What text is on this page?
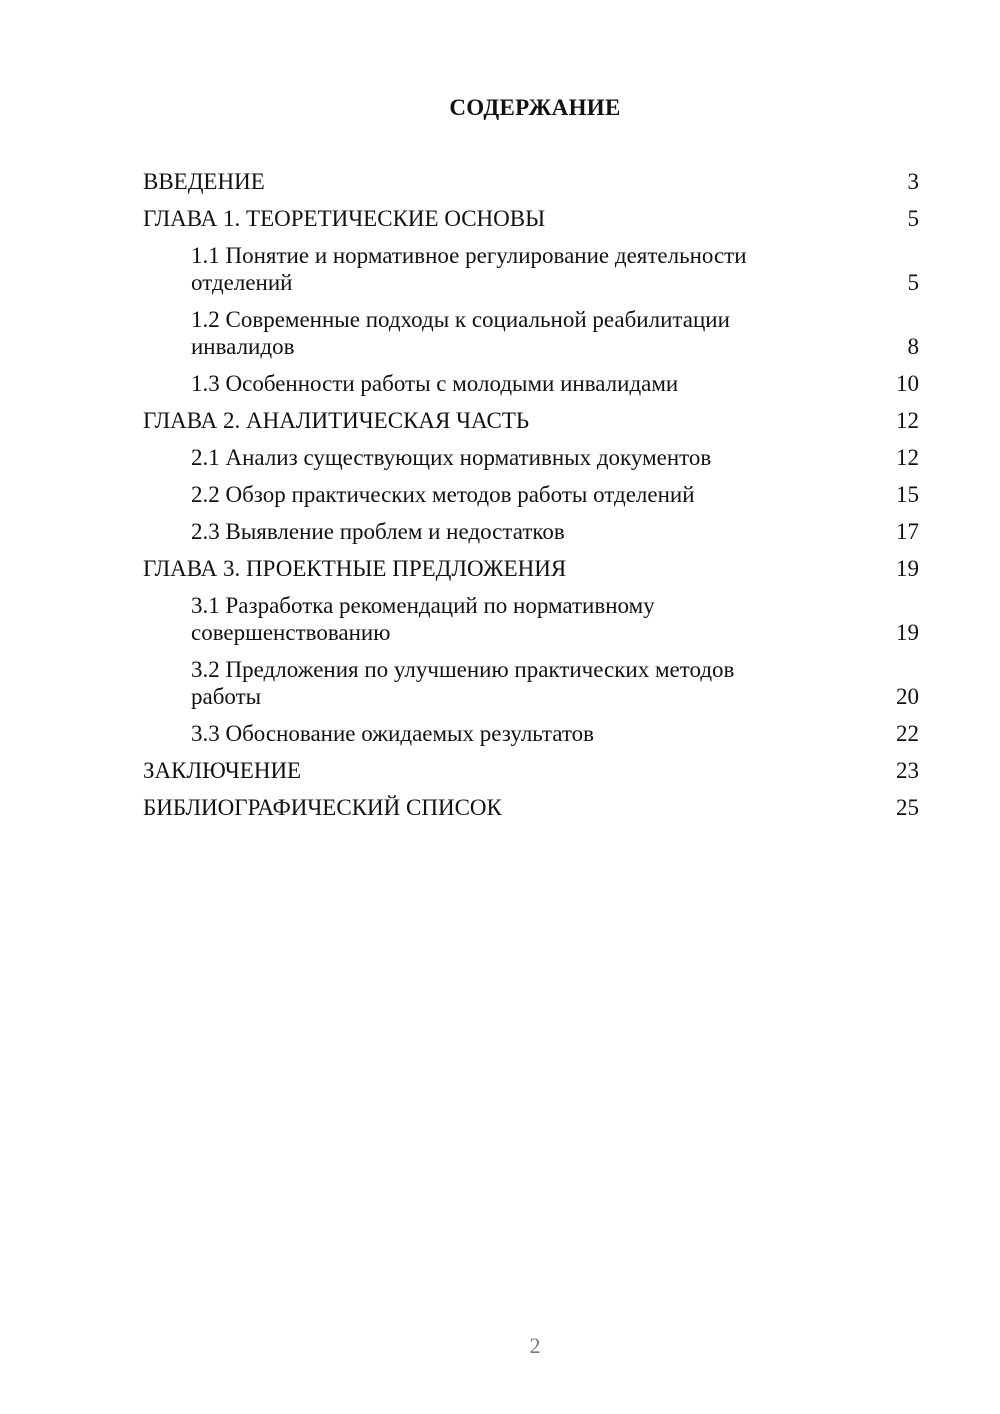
СОДЕРЖАНИЕ
ВВЕДЕНИЕ	3
ГЛАВА 1. ТЕОРЕТИЧЕСКИЕ ОСНОВЫ	5
1.1 Понятие и нормативное регулирование деятельности отделений	5
1.2 Современные подходы к социальной реабилитации инвалидов	8
1.3 Особенности работы с молодыми инвалидами	10
ГЛАВА 2. АНАЛИТИЧЕСКАЯ ЧАСТЬ	12
2.1 Анализ существующих нормативных документов	12
2.2 Обзор практических методов работы отделений	15
2.3 Выявление проблем и недостатков	17
ГЛАВА 3. ПРОЕКТНЫЕ ПРЕДЛОЖЕНИЯ	19
3.1 Разработка рекомендаций по нормативному совершенствованию	19
3.2 Предложения по улучшению практических методов работы	20
3.3 Обоснование ожидаемых результатов	22
ЗАКЛЮЧЕНИЕ	23
БИБЛИОГРАФИЧЕСКИЙ СПИСОК	25
2
